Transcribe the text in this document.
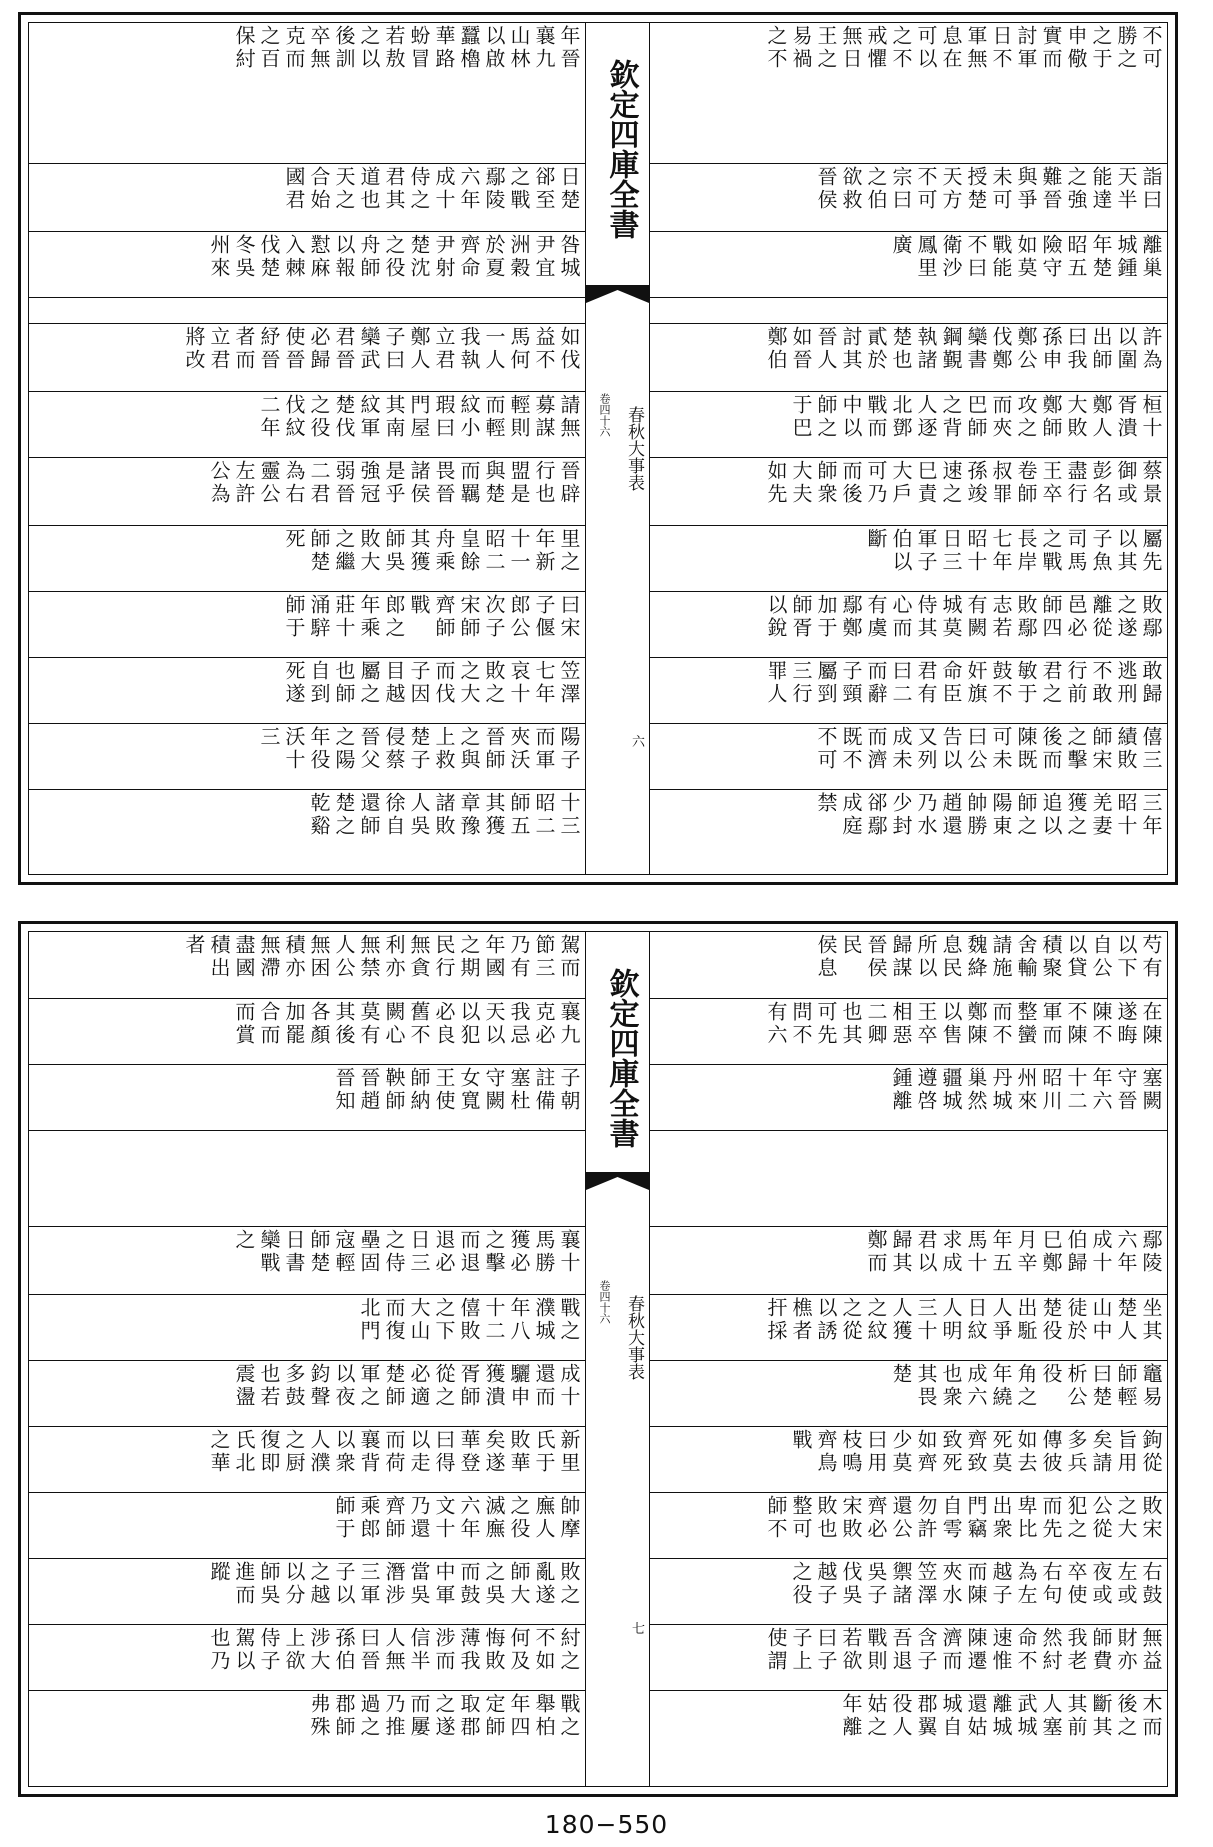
年晉
襄九
山林
以啟
蠶櫓
華路
蚡冒
若敖
之以
後訓
卒無
克而
之百
保紂
日楚
郤至
之戰
鄢陵
六年
成十
侍之
君其
道也
天之
合始
國君
咎城
尹宜
洲穀
於夏
齊命
尹射
楚沈
之役
舟師
以報
懟麻
入棘
伐楚
冬吳
州來
如伐
益不
馬何
一人
我執
立君
鄭人
子曰
欒武
君晉
必歸
使晉
紓晉
者而
立君
將改
請無
募謀
輕則
而輕
紋小
瑕曰
門屋
其南
紋軍
楚伐
之役
伐紋
二年
晉辟
行也
盟是
與楚
而羈
畏晉
諸侯
是乎
強冠
弱晉
二君
為右
靈公
左許
公為
里之
年新
十一
昭二
皇餘
舟乘
其獲
師吳
敗大
之繼
師楚
死
曰宋
子偃
郎公
次子
宋師
齊師
戰
郎之
年乘
莊十
涌騂
師于
笠澤
七年
哀十
敗之
之大
而伐
子因
目越
屬之
也師
自到
死遂
陽子
而軍
夾沃
晉師
之與
上救
楚子
侵蔡
晉父
之陽
年役
沃十
三
十三
昭二
師五
其獲
章豫
諸敗
人吳
徐自
還師
楚之
乾谿
欽定四庫全書
春秋大事表
卷四十六
六
不可
勝之
之于
申儆
實而
討軍
日不
軍無
息在
可以
之不
戒懼
無日
王之
易禍
之不
詣曰
天半
能達
之強
難晉
與爭
未可
授楚
天方
不可
宗曰
之伯
欲救
晉侯
離巢
城鍾
年楚
昭五
險守
如莫
戰能
不曰
衛沙
鳳里
廣
許為
以圍
出師
曰我
孫申
鄭公
伐鄭
欒書
鋼覲
執諸
楚也
貳於
討其
晉人
如晉
鄭伯
桓十
胥潰
鄭人
大敗
鄭師
攻之
而夾
巴師
之背
人逐
北鄧
戰而
中以
師之
于巴
蔡景
御或
彭名
盡行
王卒
卷師
叔罪
孫竣
速之
巳責
大戶
可乃
而後
師衆
大夫
如先
屬先
以其
子魚
司馬
之戰
長岸
七年
昭十
日三
軍子
伯以
斷
敗鄢
之遂
離從
邑必
師四
敗鄢
志若
有闕
城莫
侍其
心而
有虞
鄢鄭
加于
師胥
以銳
敢歸
逃刑
不敢
行前
君之
敏于
鼓不
奸旗
命臣
君有
曰二
而辭
子頸
屬剄
三行
罪人
僖三
績敗
師宋
之擊
後而
陳既
可未
曰公
告以
又列
成未
而濟
既不
不可
三年
昭十
羌妻
獲之
追以
師之
陽東
帥勝
趙還
乃水
少封
郤鄢
成庭
禁
駕而
節三
乃有
年國
之期
民行
無貪
利亦
無禁
人公
無困
積亦
無滯
盡國
積出
者
襄九
克必
我忌
天以
以犯
必良
舊不
闕心
莫有
其後
各顏
加罷
合而
而賞
子朝
註備
塞杜
守闕
女寬
王使
師納
鞅師
晉趙
晉知
襄十
馬勝
獲必
之擊
而退
退必
日三
之侍
壘固
寇輕
師楚
日書
欒戰
之
戰之
濮城
年八
十二
僖敗
之下
大山
而復
北門
成十
還而
驪申
獲潰
胥師
從之
必適
楚師
軍之
以夜
鈞聲
多鼓
也若
震盪
新里
氏于
敗華
矣遂
華登
曰得
以走
而荷
襄背
以衆
人濮
之厨
復即
氏北
之華
帥摩
廡人
之役
滅廡
六年
文十
乃還
齊師
乘郎
師于
敗之
亂遂
師大
之吳
而鼓
中軍
當吳
潛涉
三軍
子以
之越
以分
師吳
進而
蹤
紂之
不如
何及
悔敗
薄我
涉而
信半
人無
曰晉
孫伯
涉大
上欲
侍子
駕以
也乃
戰之
舉柏
年四
定師
取郡
之遂
而屢
乃推
過之
郡師
弗殊
欽定四庫全書
春秋大事表
卷四十六
七
芍有
以下
自公
以貸
積聚
舍輸
請施
魏絳
息民
所以
歸謀
晉侯
民
侯息
在陳
遂晦
陳不
不陳
軍而
整蠻
而不
鄭陳
以售
王卒
相惡
二卿
也其
可先
問不
有六
塞闕
守晉
年六
十二
昭川
州來
丹城
巢然
疆城
遵啓
鍾離
鄢陵
六年
成十
伯歸
巳鄭
月辛
年五
馬十
求成
君以
歸其
鄭而
坐其
楚人
山中
徒於
楚役
出駈
人爭
日紋
人明
三十
人獲
之紋
之從
以誘
樵者
扞採
竈易
師輕
曰楚
析公
役
角之
年繞
成六
也衆
其畏
楚
鉤從
旨用
矣請
多兵
傳彼
如去
死莫
齊致
致死
如齊
少莫
曰用
枝鳴
齊鳥
戰
敗宋
之大
公從
犯之
而先
卑比
出衆
門竊
自雩
勿許
還公
齊必
宋敗
敗也
整可
師不
右鼓
左或
夜或
卒使
右句
為左
越子
而陳
夾水
笠澤
禦諸
吳子
伐吳
越子
之役
無益
財亦
師費
我老
然紂
命不
速惟
陳遷
濟而
含子
吾退
戰則
若欲
曰子
子上
使謂
木而
後之
斷其
其前
人塞
武城
離城
還姑
城自
郡翼
役人
姑之
年離
180−550
